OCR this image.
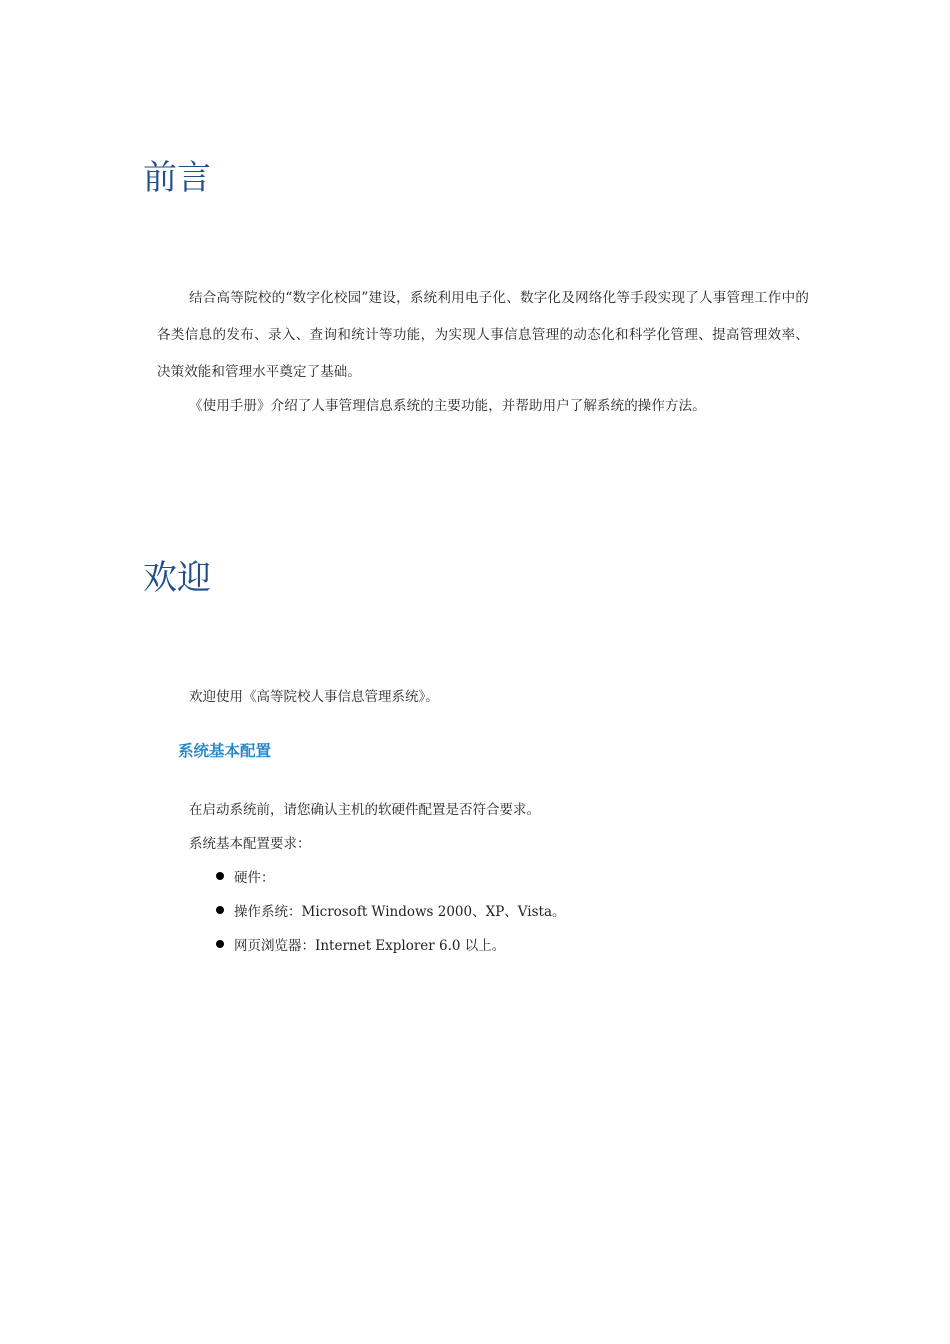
前言

结合高等院校的“数字化校园”建设，系统利用电子化、数字化及网络化等手段实现了人事管理工作中的各类信息的发布、录入、查询和统计等功能，为实现人事信息管理的动态化和科学化管理、提高管理效率、决策效能和管理水平奠定了基础。

《使用手册》介绍了人事管理信息系统的主要功能，并帮助用户了解系统的操作方法。

欢迎

欢迎使用《高等院校人事信息管理系统》。

系统基本配置

在启动系统前，请您确认主机的软硬件配置是否符合要求。

系统基本配置要求：

硬件：
操作系统：Microsoft Windows 2000、XP、Vista。
网页浏览器：Internet Explorer 6.0 以上。
